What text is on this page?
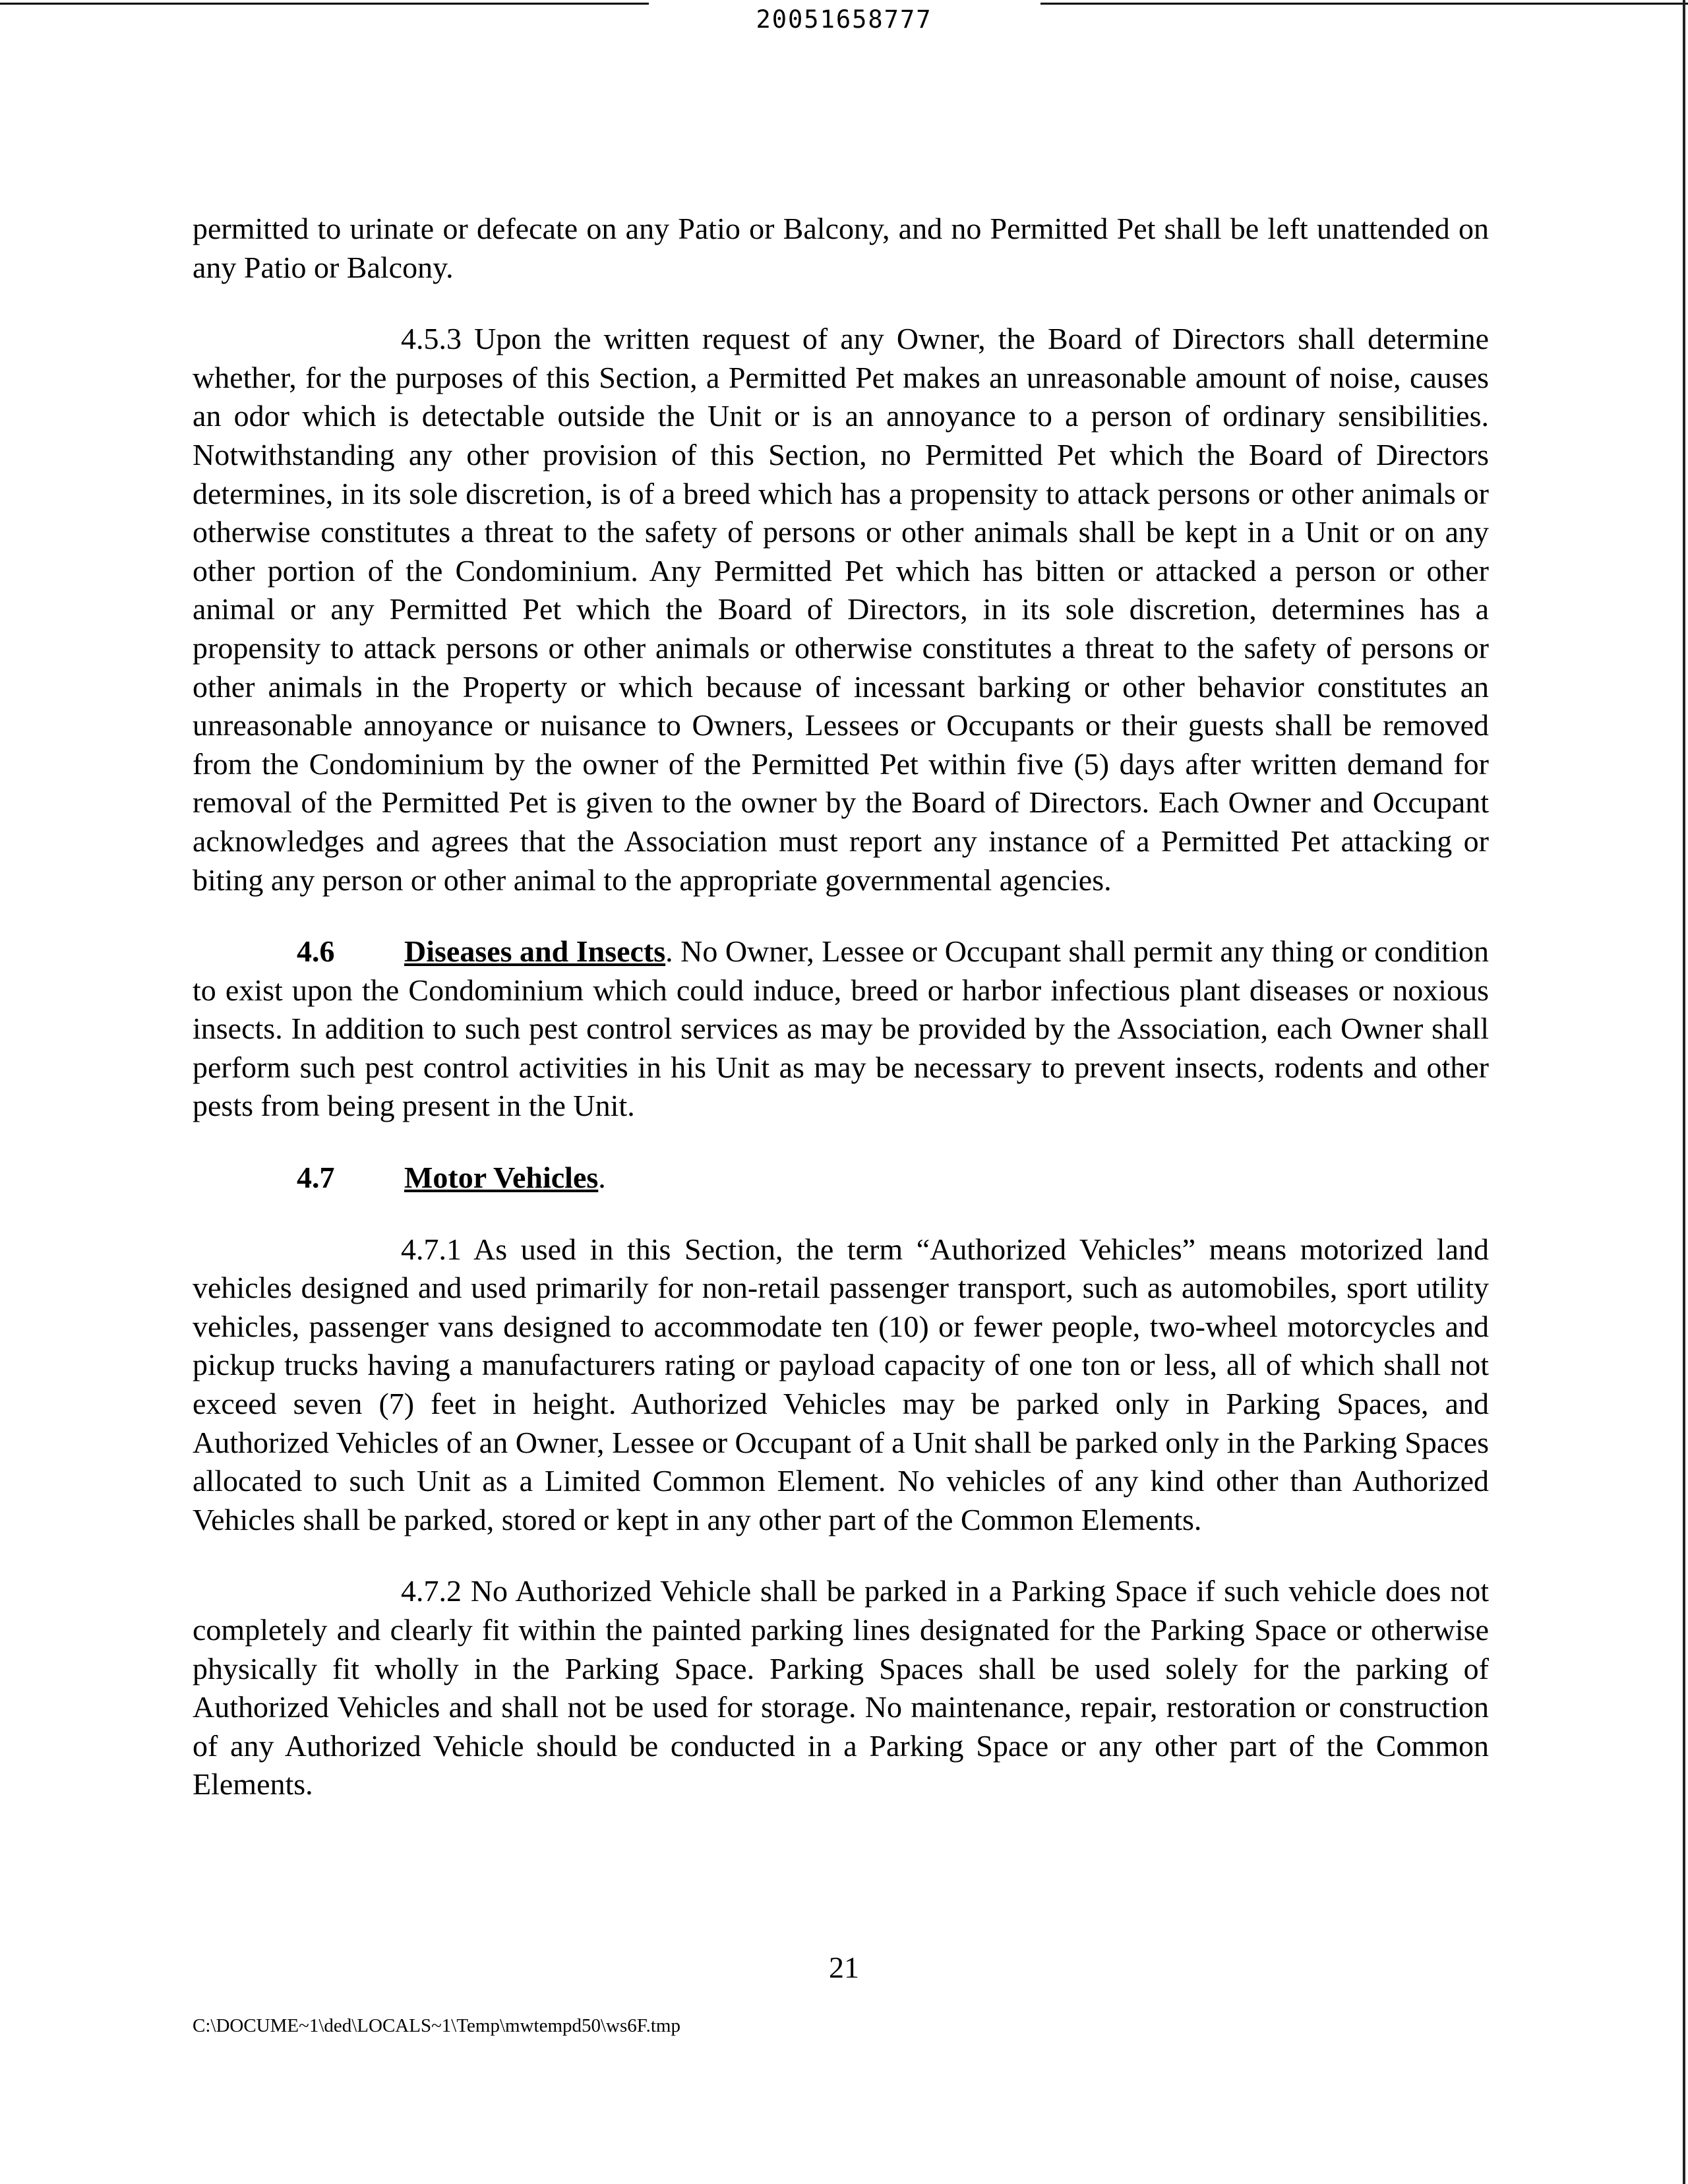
20051658777

permitted to urinate or defecate on any Patio or Balcony, and no Permitted Pet shall be left unattended on any Patio or Balcony.

4.5.3 Upon the written request of any Owner, the Board of Directors shall determine whether, for the purposes of this Section, a Permitted Pet makes an unreasonable amount of noise, causes an odor which is detectable outside the Unit or is an annoyance to a person of ordinary sensibilities. Notwithstanding any other provision of this Section, no Permitted Pet which the Board of Directors determines, in its sole discretion, is of a breed which has a propensity to attack persons or other animals or otherwise constitutes a threat to the safety of persons or other animals shall be kept in a Unit or on any other portion of the Condominium. Any Permitted Pet which has bitten or attacked a person or other animal or any Permitted Pet which the Board of Directors, in its sole discretion, determines has a propensity to attack persons or other animals or otherwise constitutes a threat to the safety of persons or other animals in the Property or which because of incessant barking or other behavior constitutes an unreasonable annoyance or nuisance to Owners, Lessees or Occupants or their guests shall be removed from the Condominium by the owner of the Permitted Pet within five (5) days after written demand for removal of the Permitted Pet is given to the owner by the Board of Directors. Each Owner and Occupant acknowledges and agrees that the Association must report any instance of a Permitted Pet attacking or biting any person or other animal to the appropriate governmental agencies.

4.6 Diseases and Insects. No Owner, Lessee or Occupant shall permit any thing or condition to exist upon the Condominium which could induce, breed or harbor infectious plant diseases or noxious insects. In addition to such pest control services as may be provided by the Association, each Owner shall perform such pest control activities in his Unit as may be necessary to prevent insects, rodents and other pests from being present in the Unit.

4.7 Motor Vehicles.

4.7.1 As used in this Section, the term “Authorized Vehicles” means motorized land vehicles designed and used primarily for non-retail passenger transport, such as automobiles, sport utility vehicles, passenger vans designed to accommodate ten (10) or fewer people, two-wheel motorcycles and pickup trucks having a manufacturers rating or payload capacity of one ton or less, all of which shall not exceed seven (7) feet in height. Authorized Vehicles may be parked only in Parking Spaces, and Authorized Vehicles of an Owner, Lessee or Occupant of a Unit shall be parked only in the Parking Spaces allocated to such Unit as a Limited Common Element. No vehicles of any kind other than Authorized Vehicles shall be parked, stored or kept in any other part of the Common Elements.

4.7.2 No Authorized Vehicle shall be parked in a Parking Space if such vehicle does not completely and clearly fit within the painted parking lines designated for the Parking Space or otherwise physically fit wholly in the Parking Space. Parking Spaces shall be used solely for the parking of Authorized Vehicles and shall not be used for storage. No maintenance, repair, restoration or construction of any Authorized Vehicle should be conducted in a Parking Space or any other part of the Common Elements.

21
C:\DOCUME~1\ded\LOCALS~1\Temp\mwtempd50\ws6F.tmp
